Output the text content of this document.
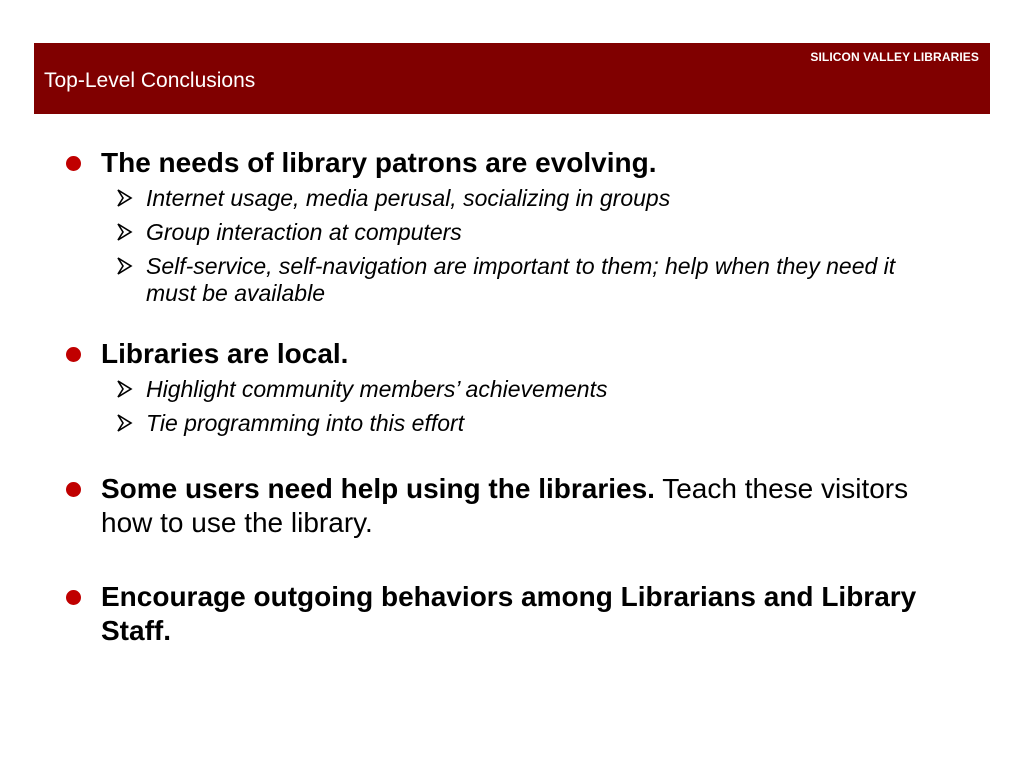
SILICON VALLEY LIBRARIES
Top-Level Conclusions
The needs of library patrons are evolving.
Internet usage, media perusal, socializing in groups
Group interaction at computers
Self-service, self-navigation are important to them; help when they need it must be available
Libraries are local.
Highlight community members’ achievements
Tie programming into this effort
Some users need help using the libraries. Teach these visitors how to use the library.
Encourage outgoing behaviors among Librarians and Library Staff.
